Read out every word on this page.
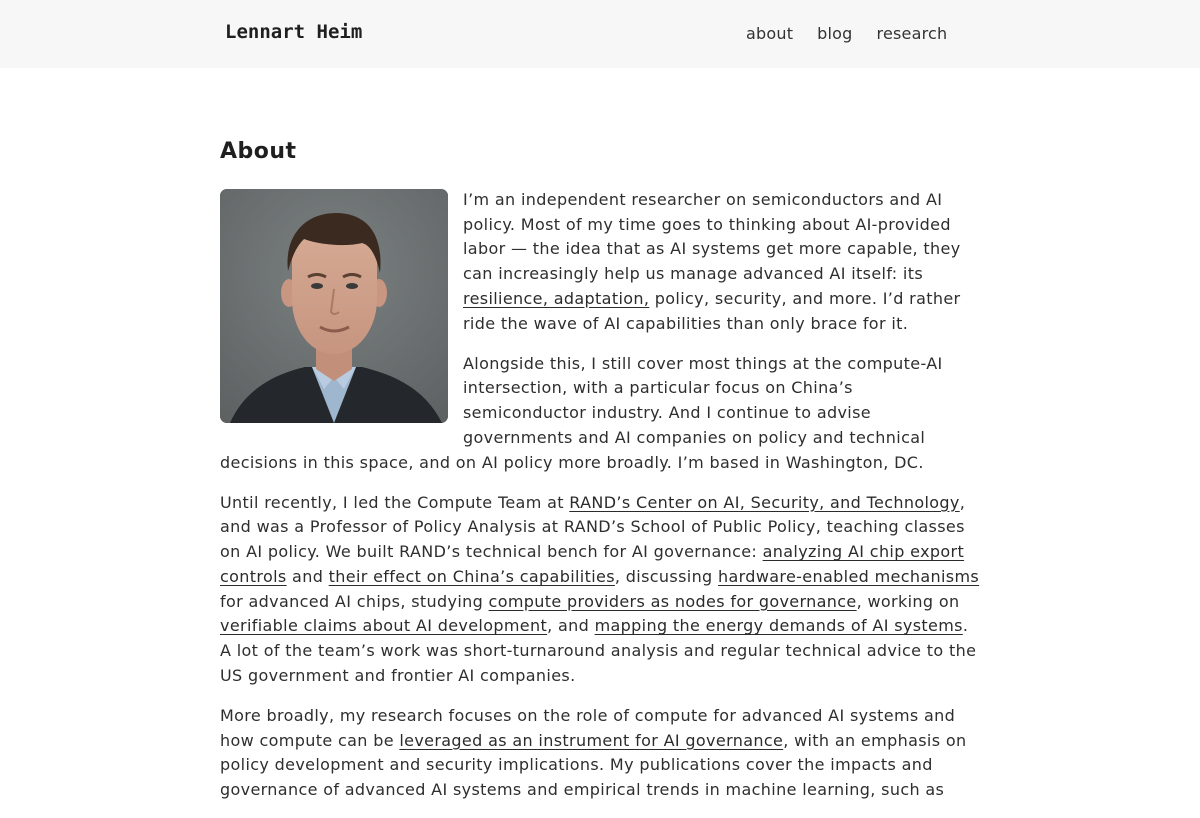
Lennart Heim	about blog research
About

I’m an independent researcher on semiconductors and AI policy. Most of my time goes to thinking about AI-provided labor — the idea that as AI systems get more capable, they can increasingly help us manage advanced AI itself: its resilience, adaptation, policy, security, and more. I’d rather ride the wave of AI capabilities than only brace for it.

Alongside this, I still cover most things at the compute-AI intersection, with a particular focus on China’s semiconductor industry. And I continue to advise governments and AI companies on policy and technical decisions in this space, and on AI policy more broadly. I’m based in Washington, DC.

Until recently, I led the Compute Team at RAND’s Center on AI, Security, and Technology, and was a Professor of Policy Analysis at RAND’s School of Public Policy, teaching classes on AI policy. We built RAND’s technical bench for AI governance: analyzing AI chip export controls and their effect on China’s capabilities, discussing hardware-enabled mechanisms for advanced AI chips, studying compute providers as nodes for governance, working on verifiable claims about AI development, and mapping the energy demands of AI systems. A lot of the team’s work was short-turnaround analysis and regular technical advice to the US government and frontier AI companies.

More broadly, my research focuses on the role of compute for advanced AI systems and how compute can be leveraged as an instrument for AI governance, with an emphasis on policy development and security implications. My publications cover the impacts and governance of advanced AI systems and empirical trends in machine learning, such as
